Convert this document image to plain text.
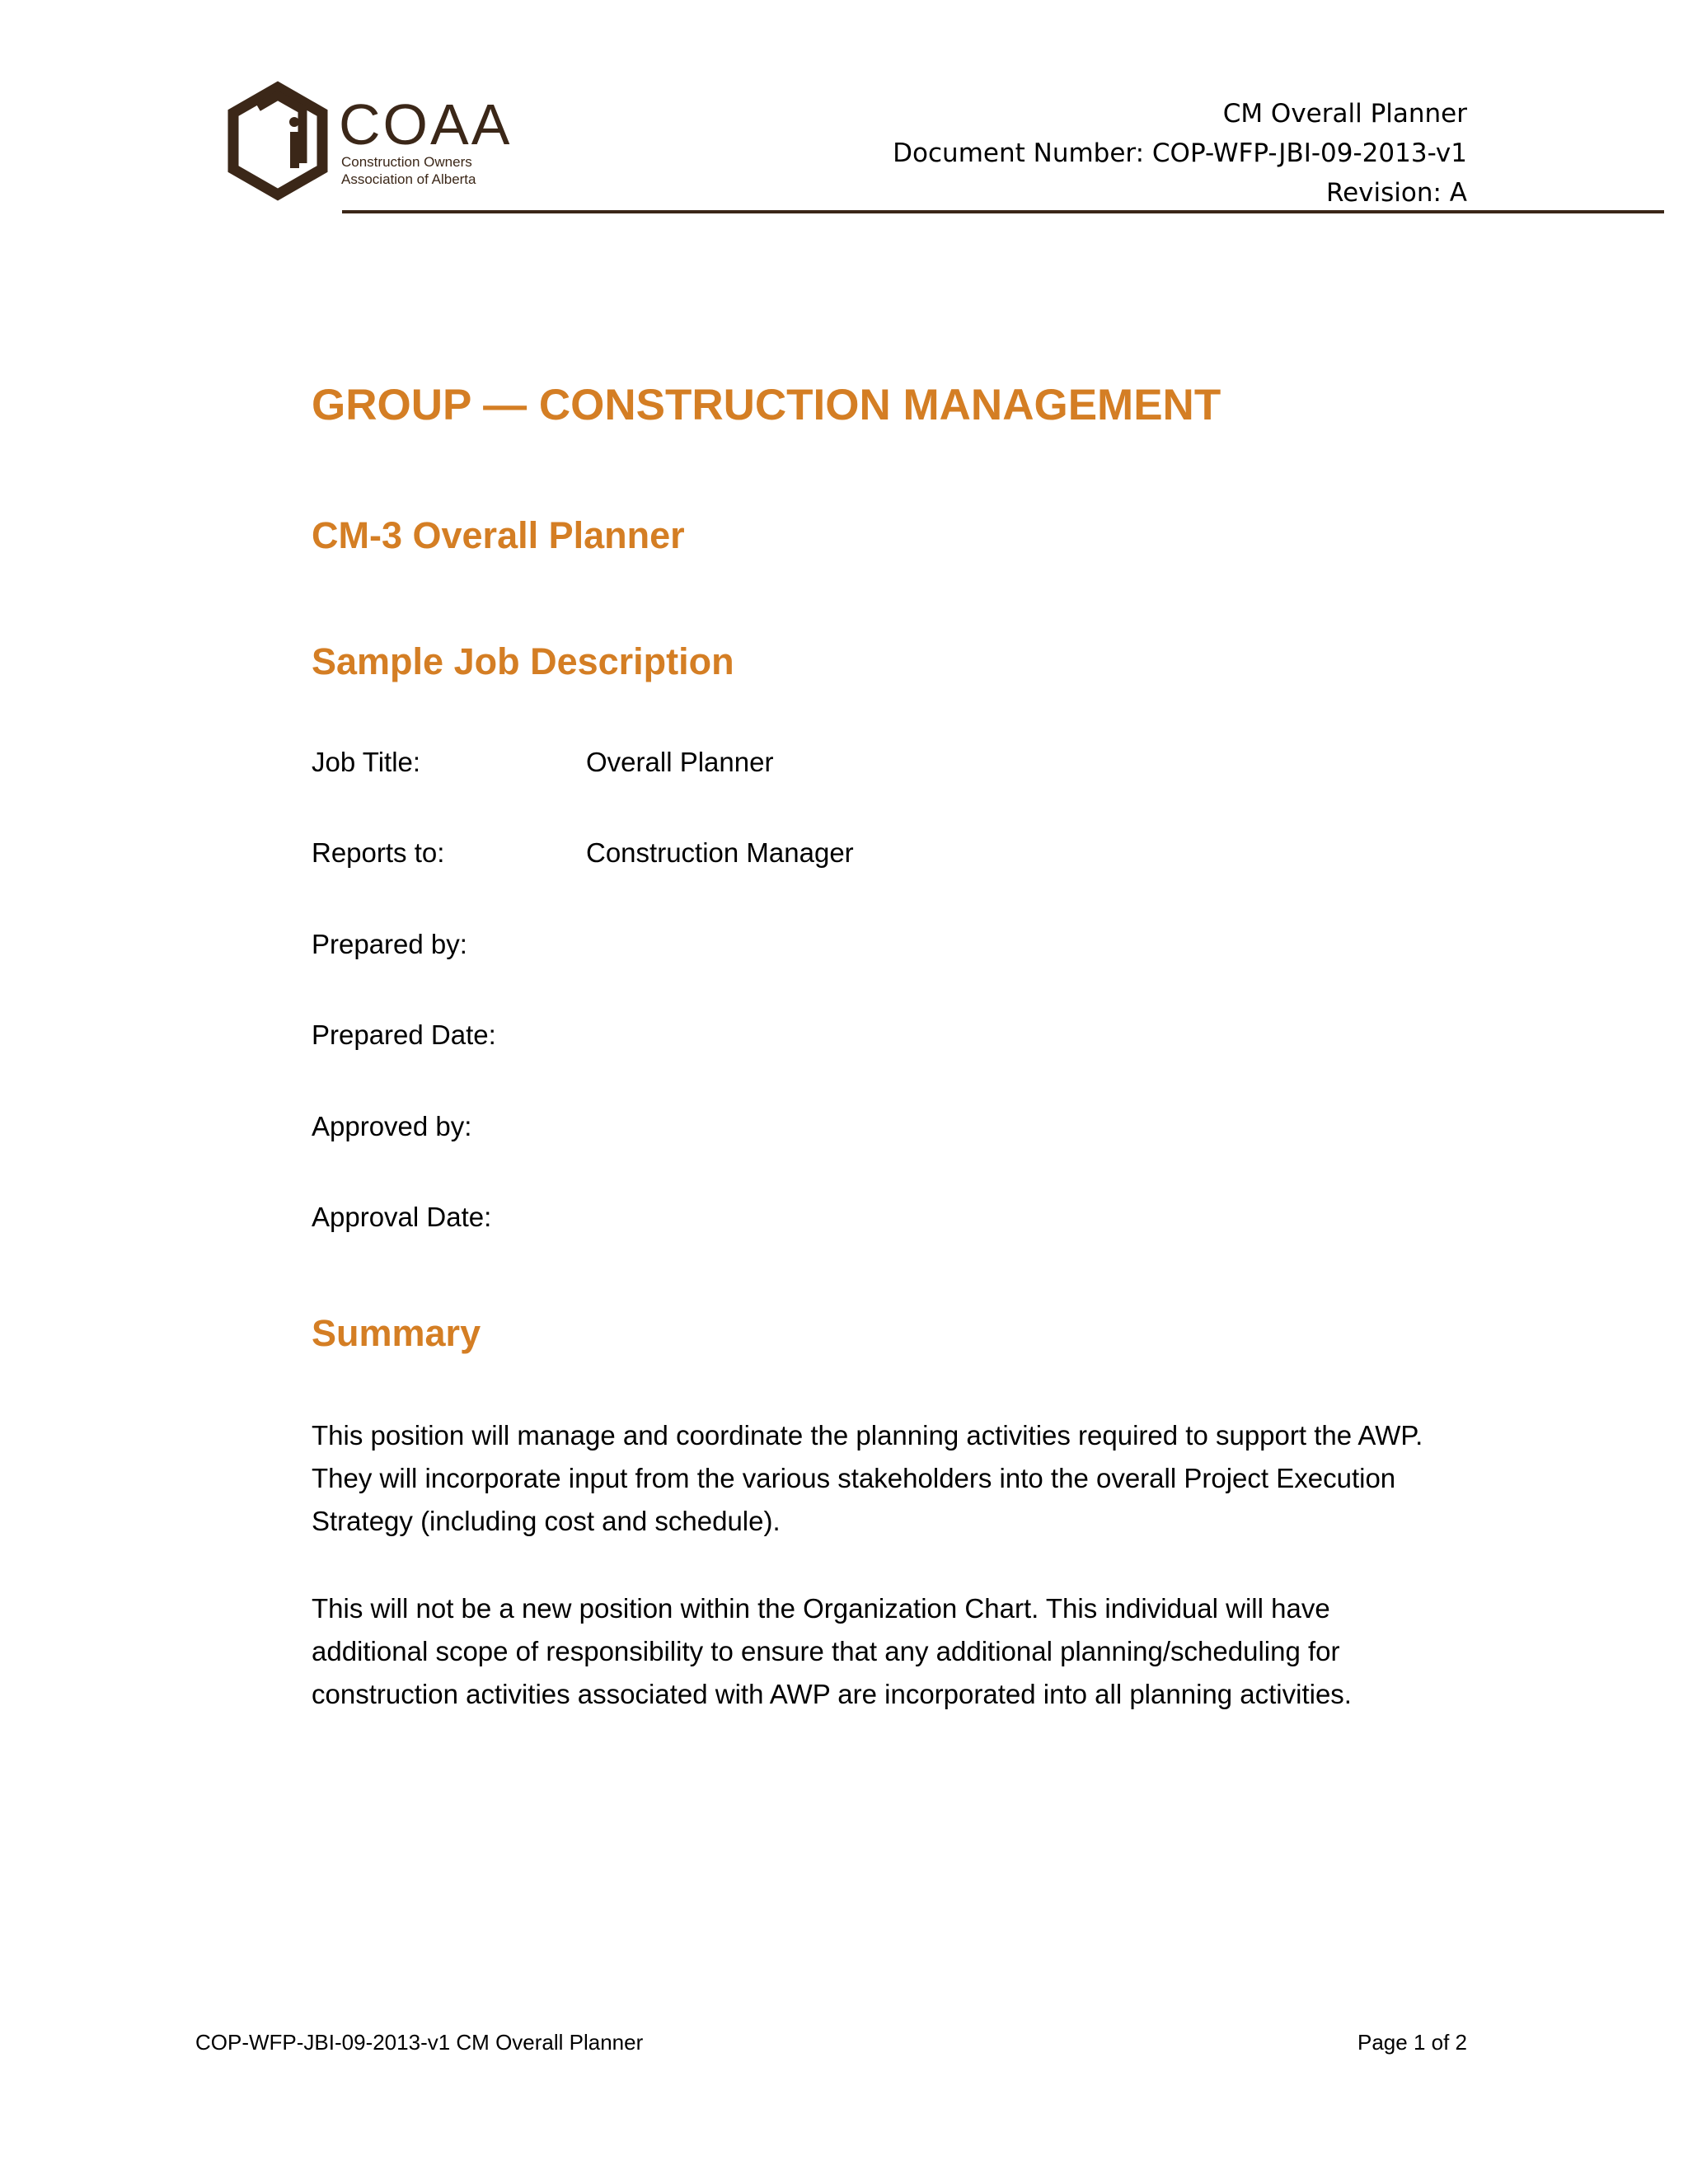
COAA
Construction Owners
Association of Alberta
CM Overall Planner
Document Number: COP-WFP-JBI-09-2013-v1
Revision: A
GROUP — CONSTRUCTION MANAGEMENT
CM-3 Overall Planner
Sample Job Description
Job Title:	Overall Planner
Reports to:	Construction Manager
Prepared by:
Prepared Date:
Approved by:
Approval Date:
Summary

This position will manage and coordinate the planning activities required to support the AWP.
They will incorporate input from the various stakeholders into the overall Project Execution
Strategy (including cost and schedule).

This will not be a new position within the Organization Chart. This individual will have
additional scope of responsibility to ensure that any additional planning/scheduling for
construction activities associated with AWP are incorporated into all planning activities.

COP-WFP-JBI-09-2013-v1 CM Overall Planner	Page 1 of 2
